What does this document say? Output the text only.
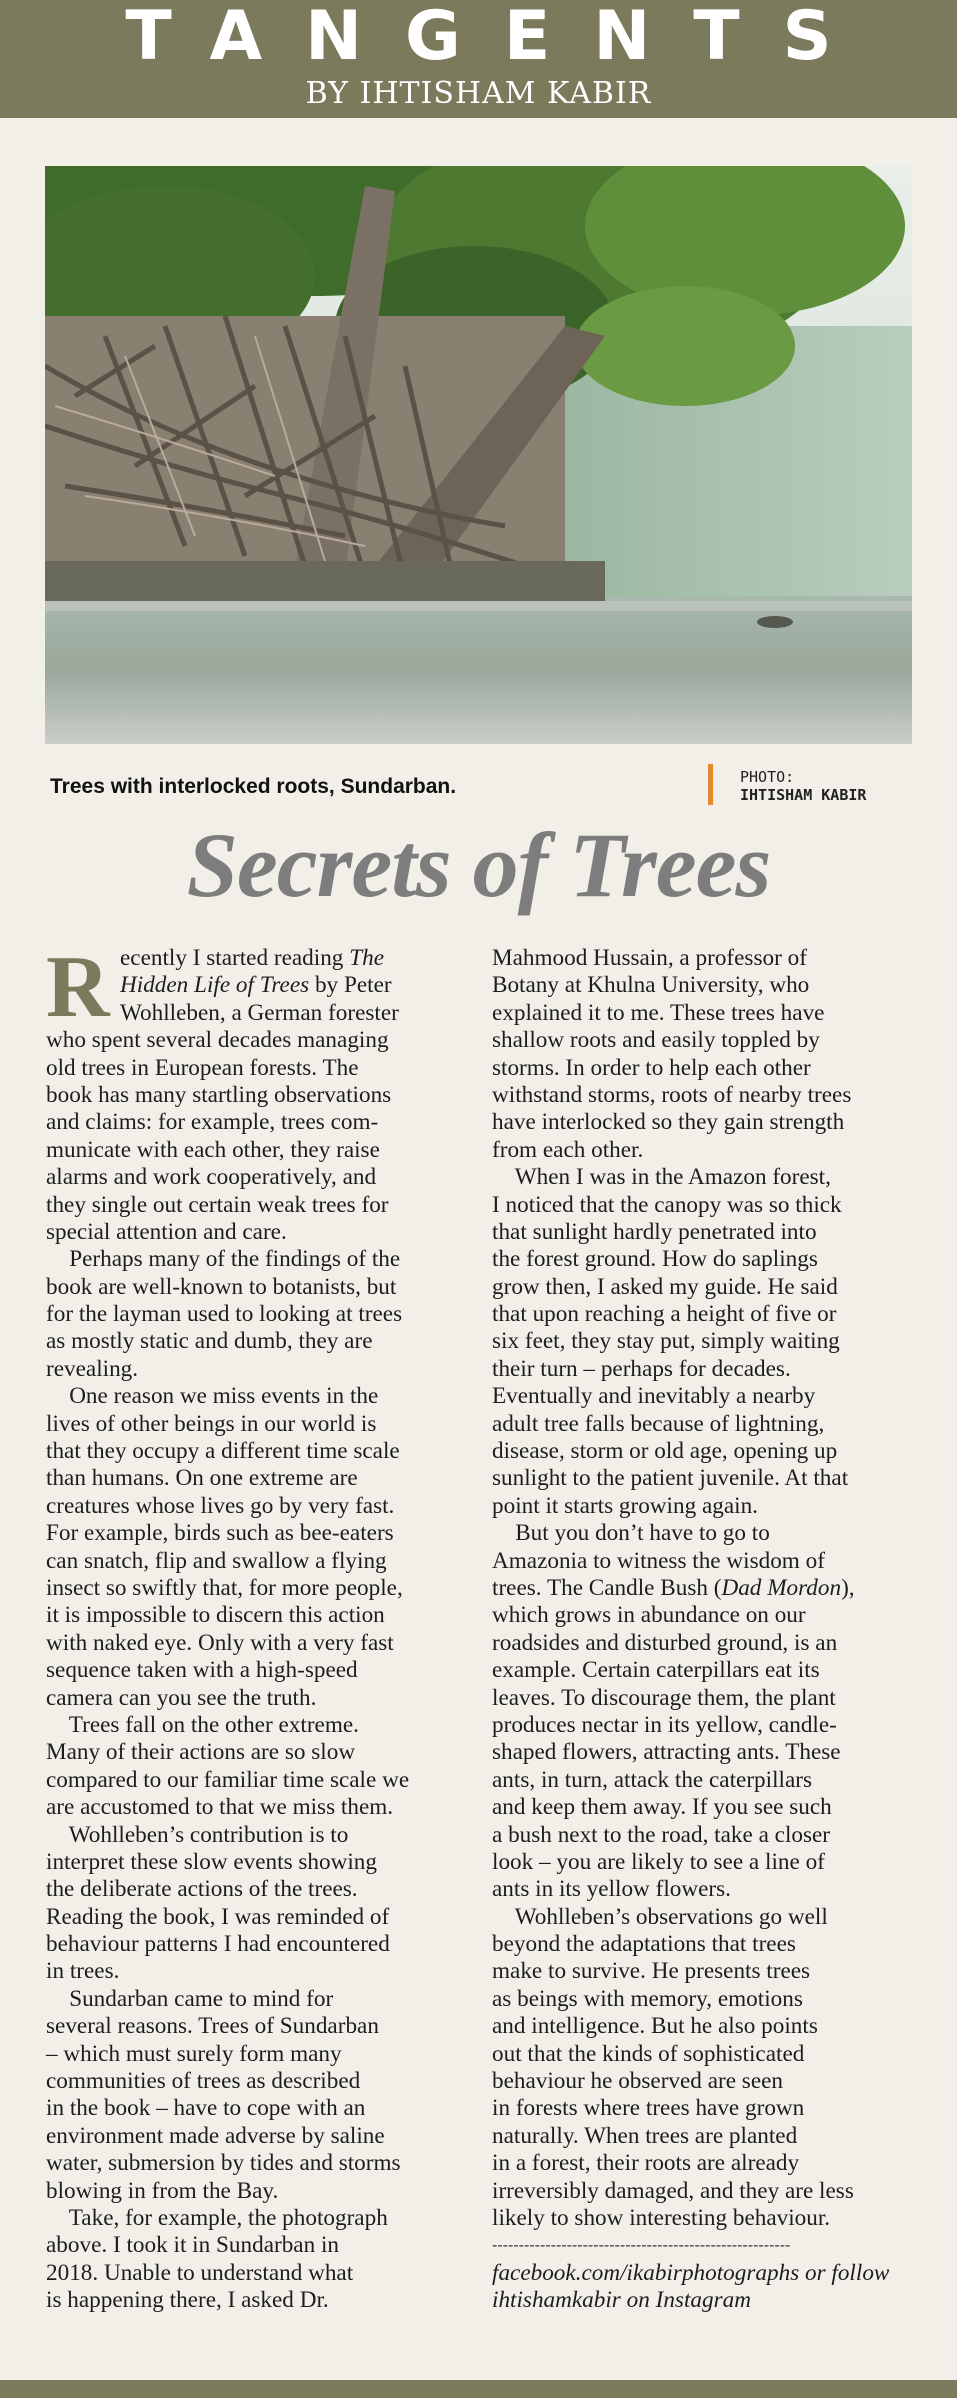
TANGENTS
BY IHTISHAM KABIR
Trees with interlocked roots, Sundarban.	PHOTO:
IHTISHAM KABIR
Secrets of Trees
R ecently I started reading The
Hidden Life of Trees by Peter
Wohlleben, a German forester
who spent several decades managing
old trees in European forests. The
book has many startling observations
and claims: for example, trees com-
municate with each other, they raise
alarms and work cooperatively, and
they single out certain weak trees for
special attention and care.
Perhaps many of the findings of the
book are well-known to botanists, but
for the layman used to looking at trees
as mostly static and dumb, they are
revealing.
One reason we miss events in the
lives of other beings in our world is
that they occupy a different time scale
than humans. On one extreme are
creatures whose lives go by very fast.
For example, birds such as bee-eaters
can snatch, flip and swallow a flying
insect so swiftly that, for more people,
it is impossible to discern this action
with naked eye. Only with a very fast
sequence taken with a high-speed
camera can you see the truth.
Trees fall on the other extreme.
Many of their actions are so slow
compared to our familiar time scale we
are accustomed to that we miss them.
Wohlleben’s contribution is to
interpret these slow events showing
the deliberate actions of the trees.
Reading the book, I was reminded of
behaviour patterns I had encountered
in trees.
Sundarban came to mind for
several reasons. Trees of Sundarban
– which must surely form many
communities of trees as described
in the book – have to cope with an
environment made adverse by saline
water, submersion by tides and storms
blowing in from the Bay.
Take, for example, the photograph
above. I took it in Sundarban in
2018. Unable to understand what
is happening there, I asked Dr.
Mahmood Hussain, a professor of
Botany at Khulna University, who
explained it to me. These trees have
shallow roots and easily toppled by
storms. In order to help each other
withstand storms, roots of nearby trees
have interlocked so they gain strength
from each other.
When I was in the Amazon forest,
I noticed that the canopy was so thick
that sunlight hardly penetrated into
the forest ground. How do saplings
grow then, I asked my guide. He said
that upon reaching a height of five or
six feet, they stay put, simply waiting
their turn – perhaps for decades.
Eventually and inevitably a nearby
adult tree falls because of lightning,
disease, storm or old age, opening up
sunlight to the patient juvenile. At that
point it starts growing again.
But you don’t have to go to
Amazonia to witness the wisdom of
trees. The Candle Bush (Dad Mordon),
which grows in abundance on our
roadsides and disturbed ground, is an
example. Certain caterpillars eat its
leaves. To discourage them, the plant
produces nectar in its yellow, candle-
shaped flowers, attracting ants. These
ants, in turn, attack the caterpillars
and keep them away. If you see such
a bush next to the road, take a closer
look – you are likely to see a line of
ants in its yellow flowers.
Wohlleben’s observations go well
beyond the adaptations that trees
make to survive. He presents trees
as beings with memory, emotions
and intelligence. But he also points
out that the kinds of sophisticated
behaviour he observed are seen
in forests where trees have grown
naturally. When trees are planted
in a forest, their roots are already
irreversibly damaged, and they are less
likely to show interesting behaviour.
--------------------------------------------------------
facebook.com/ikabirphotographs or follow
ihtishamkabir on Instagram
